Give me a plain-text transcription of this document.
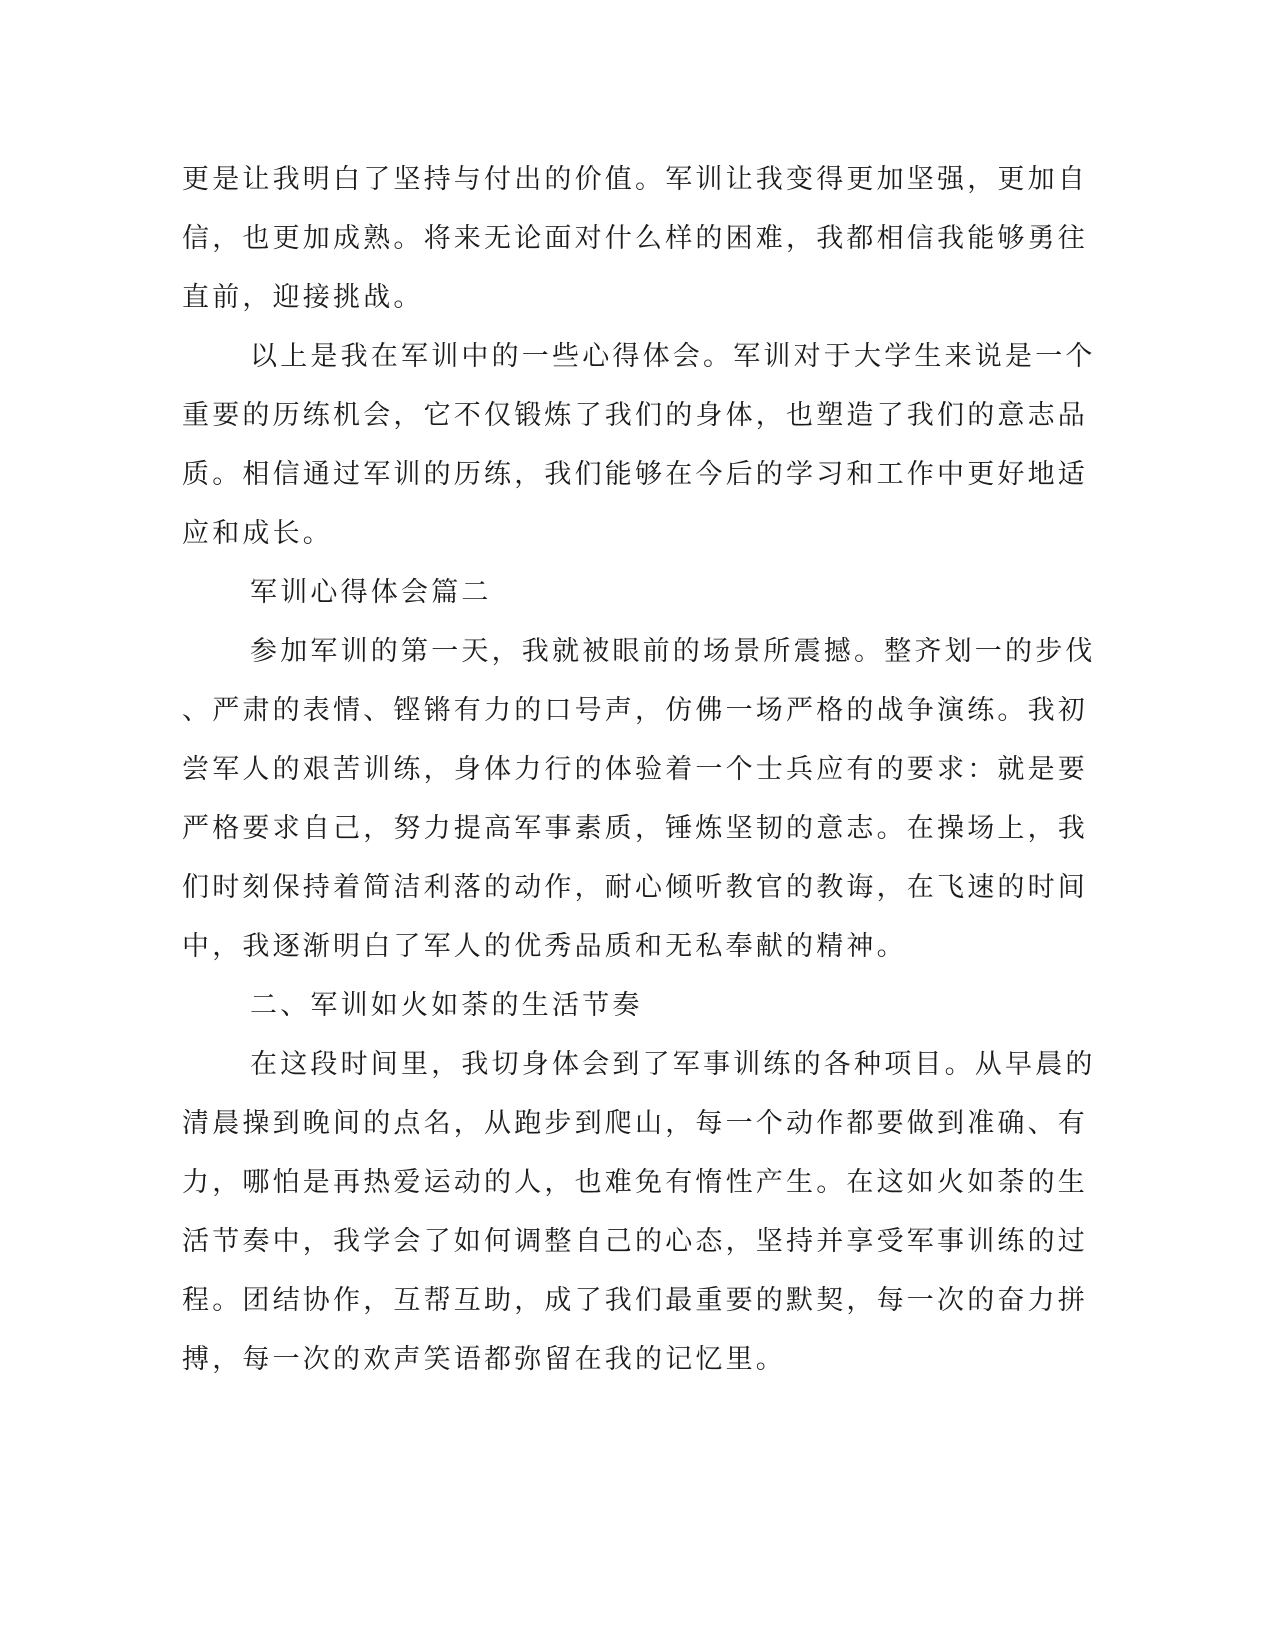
更是让我明白了坚持与付出的价值。军训让我变得更加坚强，更加自

信，也更加成熟。将来无论面对什么样的困难，我都相信我能够勇往

直前，迎接挑战。

以上是我在军训中的一些心得体会。军训对于大学生来说是一个

重要的历练机会，它不仅锻炼了我们的身体，也塑造了我们的意志品

质。相信通过军训的历练，我们能够在今后的学习和工作中更好地适

应和成长。

军训心得体会篇二

参加军训的第一天，我就被眼前的场景所震撼。整齐划一的步伐

、严肃的表情、铿锵有力的口号声，仿佛一场严格的战争演练。我初

尝军人的艰苦训练，身体力行的体验着一个士兵应有的要求：就是要

严格要求自己，努力提高军事素质，锤炼坚韧的意志。在操场上，我

们时刻保持着简洁利落的动作，耐心倾听教官的教诲，在飞速的时间

中，我逐渐明白了军人的优秀品质和无私奉献的精神。

二、军训如火如荼的生活节奏

在这段时间里，我切身体会到了军事训练的各种项目。从早晨的

清晨操到晚间的点名，从跑步到爬山，每一个动作都要做到准确、有

力，哪怕是再热爱运动的人，也难免有惰性产生。在这如火如荼的生

活节奏中，我学会了如何调整自己的心态，坚持并享受军事训练的过

程。团结协作，互帮互助，成了我们最重要的默契，每一次的奋力拼

搏，每一次的欢声笑语都弥留在我的记忆里。
